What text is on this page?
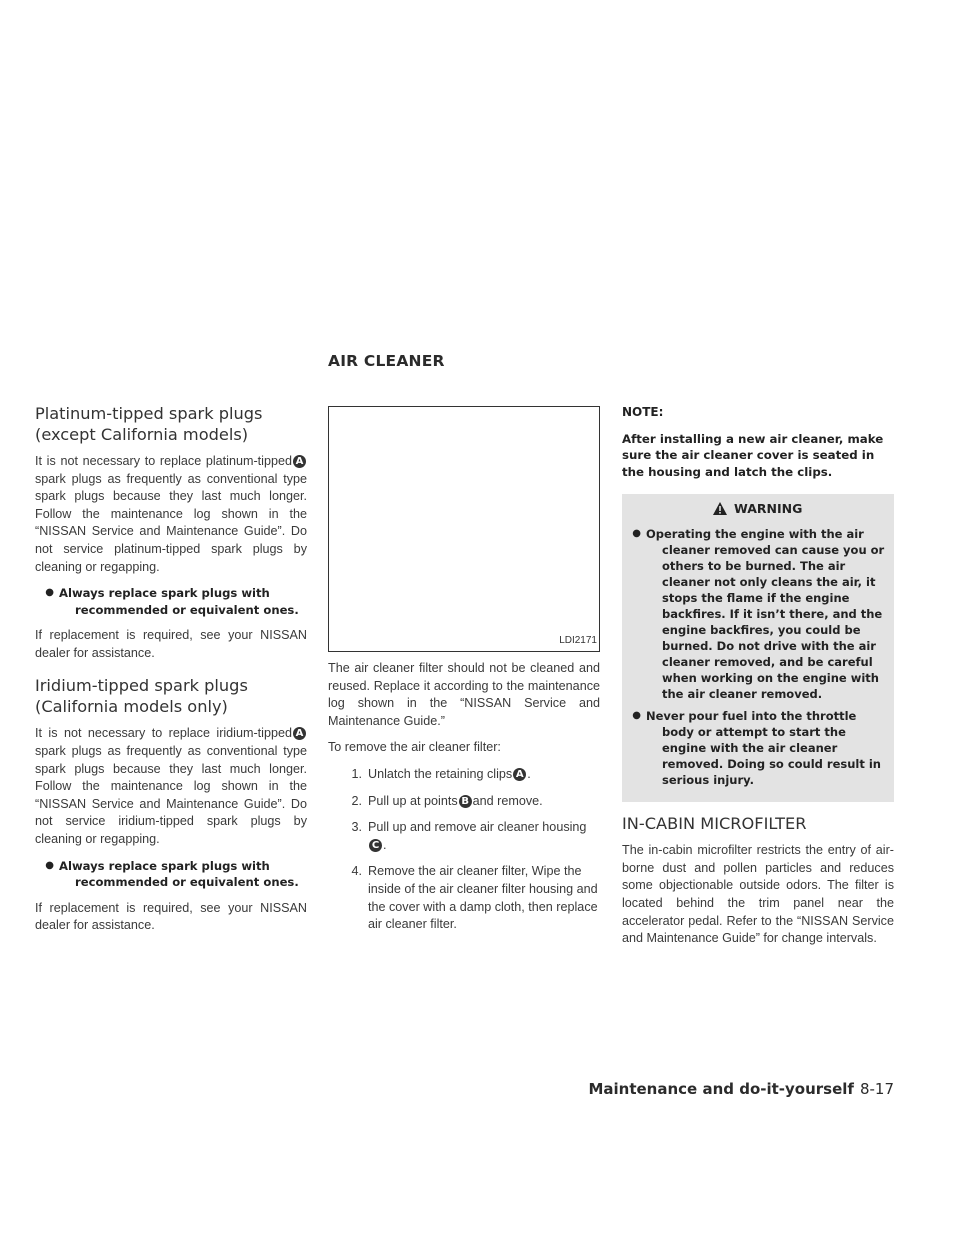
AIR CLEANER
Platinum-tipped spark plugs (except California models)

It is not necessary to replace platinum-tipped A spark plugs as frequently as conventional type spark plugs because they last much longer. Follow the maintenance log shown in the “NISSAN Service and Maintenance Guide”. Do not service platinum-tipped spark plugs by cleaning or regapping.

● Always replace spark plugs with recommended or equivalent ones.

If replacement is required, see your NISSAN dealer for assistance.

Iridium-tipped spark plugs (California models only)

It is not necessary to replace iridium-tipped A spark plugs as frequently as conventional type spark plugs because they last much longer. Follow the maintenance log shown in the “NISSAN Service and Maintenance Guide”. Do not service iridium-tipped spark plugs by cleaning or regapping.

● Always replace spark plugs with recommended or equivalent ones.

If replacement is required, see your NISSAN dealer for assistance.

LDI2171

The air cleaner filter should not be cleaned and reused. Replace it according to the maintenance log shown in the “NISSAN Service and Maintenance Guide.”

To remove the air cleaner filter:

1. Unlatch the retaining clips A .
2. Pull up at points B and remove.
3. Pull up and remove air cleaner housingC .
4. Remove the air cleaner filter, Wipe the inside of the air cleaner filter housing and the cover with a damp cloth, then replace air cleaner filter.
NOTE:
After installing a new air cleaner, make sure the air cleaner cover is seated in the housing and latch the clips.
WARNING
● Operating the engine with the air cleaner removed can cause you or others to be burned. The air cleaner not only cleans the air, it stops the flame if the engine backfires. If it isn’t there, and the engine backfires, you could be burned. Do not drive with the air cleaner removed, and be careful when working on the engine with the air cleaner removed.
● Never pour fuel into the throttle body or attempt to start the engine with the air cleaner removed. Doing so could result in serious injury.
IN-CABIN MICROFILTER

The in-cabin microfilter restricts the entry of air-borne dust and pollen particles and reduces some objectionable outside odors. The filter is located behind the trim panel near the accelerator pedal. Refer to the “NISSAN Service and Maintenance Guide” for change intervals.

Maintenance and do-it-yourself 8-17
